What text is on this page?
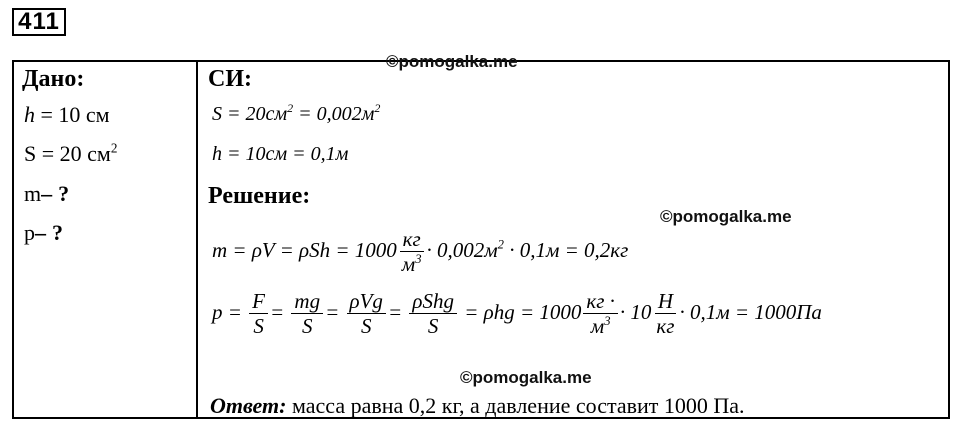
411
Дано:
h = 10 см
S = 20 $см^2$
m– ?
p– ?
СИ:
©pomogalka.me
$S = 20см^2 = 0,002м^2$
h = 10см = 0,1м
Решение:
©pomogalka.me
$m = \rho V = \rho Sh = 1000 \frac{кг}{м^3} \cdot 0,002м^2 \cdot 0,1м = 0,2кг$
$p = \frac{F}{S} = \frac{mg}{S} = \frac{\text{ρVg}}{S} = \frac{\text{ρShg}}{S} = \rho hg = 1000 \frac{кг \cdot}{м^3} \cdot 10 \frac{Н}{кг} \cdot 0,1м = 1000Па$
©pomogalka.me
Ответ: масса равна 0,2 кг, а давление составит 1000 Па.
